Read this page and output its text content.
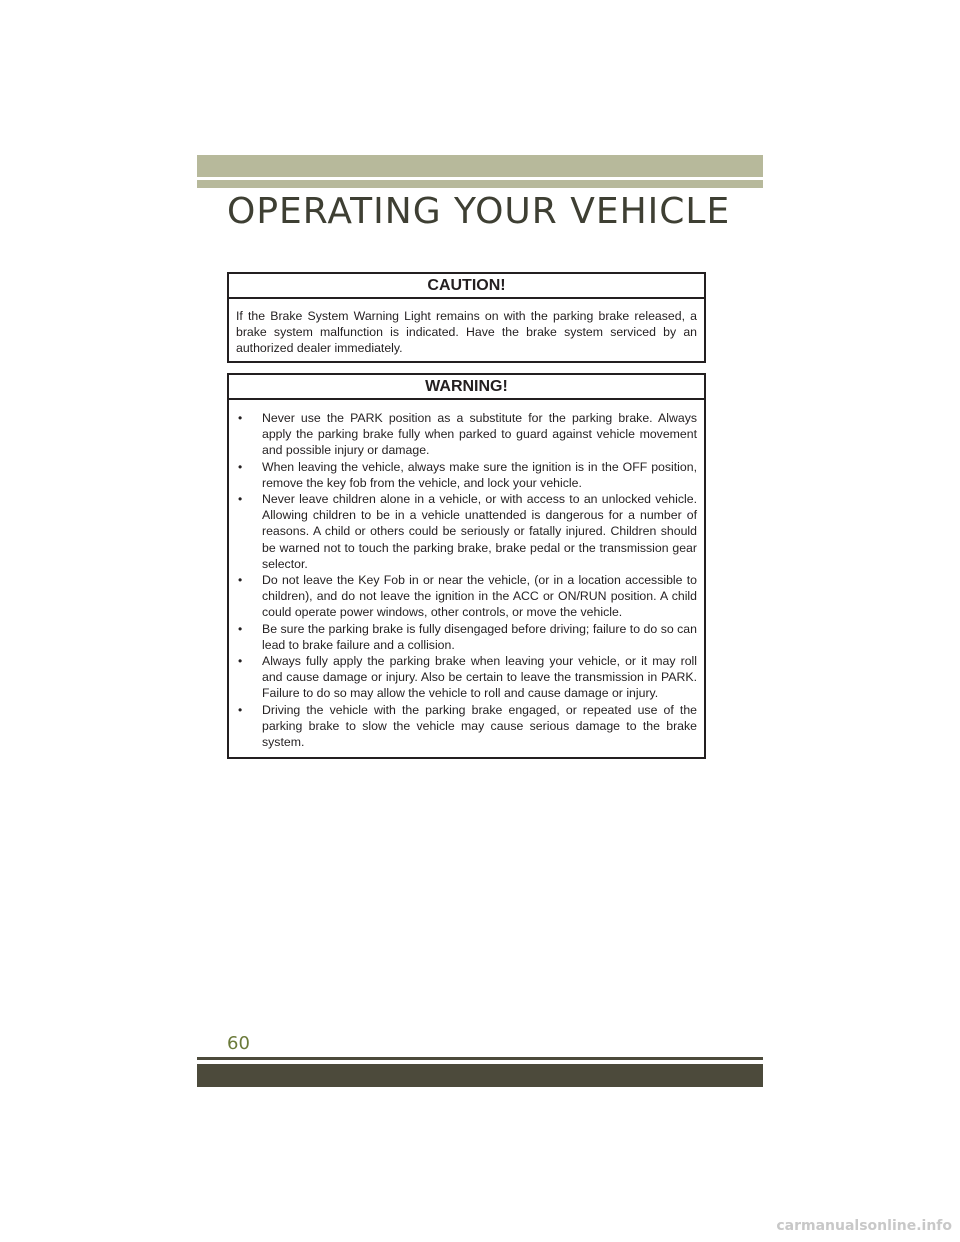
OPERATING YOUR VEHICLE
CAUTION!
If the Brake System Warning Light remains on with the parking brake released, a brake system malfunction is indicated. Have the brake system serviced by an authorized dealer immediately.
WARNING!
• Never use the PARK position as a substitute for the parking brake. Always apply the parking brake fully when parked to guard against vehicle movement and possible injury or damage.
• When leaving the vehicle, always make sure the ignition is in the OFF position, remove the key fob from the vehicle, and lock your vehicle.
• Never leave children alone in a vehicle, or with access to an unlocked vehicle. Allowing children to be in a vehicle unattended is dangerous for a number of reasons. A child or others could be seriously or fatally injured. Children should be warned not to touch the parking brake, brake pedal or the transmission gear selector.
• Do not leave the Key Fob in or near the vehicle, (or in a location accessible to children), and do not leave the ignition in the ACC or ON/RUN position. A child could operate power windows, other controls, or move the vehicle.
• Be sure the parking brake is fully disengaged before driving; failure to do so can lead to brake failure and a collision.
• Always fully apply the parking brake when leaving your vehicle, or it may roll and cause damage or injury. Also be certain to leave the transmission in PARK. Failure to do so may allow the vehicle to roll and cause damage or injury.
• Driving the vehicle with the parking brake engaged, or repeated use of the parking brake to slow the vehicle may cause serious damage to the brake system.
60
carmanualsonline.info
